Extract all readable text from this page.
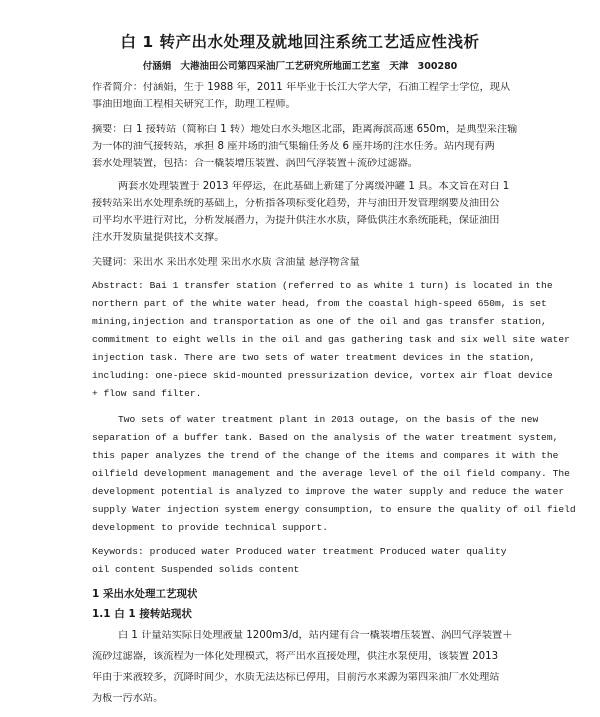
白 1 转产出水处理及就地回注系统工艺适应性浅析
付涵娟 大港油田公司第四采油厂工艺研究所地面工艺室 天津 300280
作者简介：付涵娟，生于 1988 年，2011 年毕业于长江大学大学，石油工程学士学位，现从
事油田地面工程相关研究工作，助理工程师。
摘要：白 1 接转站（简称白 1 转）地处白水头地区北部，距离海滨高速 650m，是典型采注输
为一体的油气接转站，承担 8 座井场的油气集输任务及 6 座井场的注水任务。站内现有两
套水处理装置，包括：合一橇装增压装置、涡凹气浮装置＋流砂过滤器。
两套水处理装置于 2013 年停运，在此基础上新建了分离缓冲罐 1 具。本文旨在对白 1
接转站采出水处理系统的基础上，分析指各项标变化趋势，并与油田开发管理纲要及油田公
司平均水平进行对比，分析发展潜力，为提升供注水水质，降低供注水系统能耗，保证油田
注水开发质量提供技术支撑。
关键词：采出水 采出水处理 采出水水质 含油量 悬浮物含量
Abstract: Bai 1 transfer station (referred to as white 1 turn) is located in the
northern part of the white water head, from the coastal high-speed 650m, is set
mining,injection and transportation as one of the oil and gas transfer station,
commitment to eight wells in the oil and gas gathering task and six well site water
injection task. There are two sets of water treatment devices in the station,
including: one-piece skid-mounted pressurization device, vortex air float device
+ flow sand filter.
Two sets of water treatment plant in 2013 outage, on the basis of the new
separation of a buffer tank. Based on the analysis of the water treatment system,
this paper analyzes the trend of the change of the items and compares it with the
oilfield development management and the average level of the oil field company. The
development potential is analyzed to improve the water supply and reduce the water
supply Water injection system energy consumption, to ensure the quality of oil field
development to provide technical support.
Keywords: produced water Produced water treatment Produced water quality
oil content Suspended solids content
1 采出水处理工艺现状
1.1 白 1 接转站现状
白 1 计量站实际日处理液量 1200m3/d，站内建有合一橇装增压装置、涡凹气浮装置＋
流砂过滤器，该流程为一体化处理模式，将产出水直接处理，供注水泵使用，该装置 2013
年由于来液较多，沉降时间少，水质无法达标已停用，目前污水来源为第四采油厂水处理站
为板一污水站。
